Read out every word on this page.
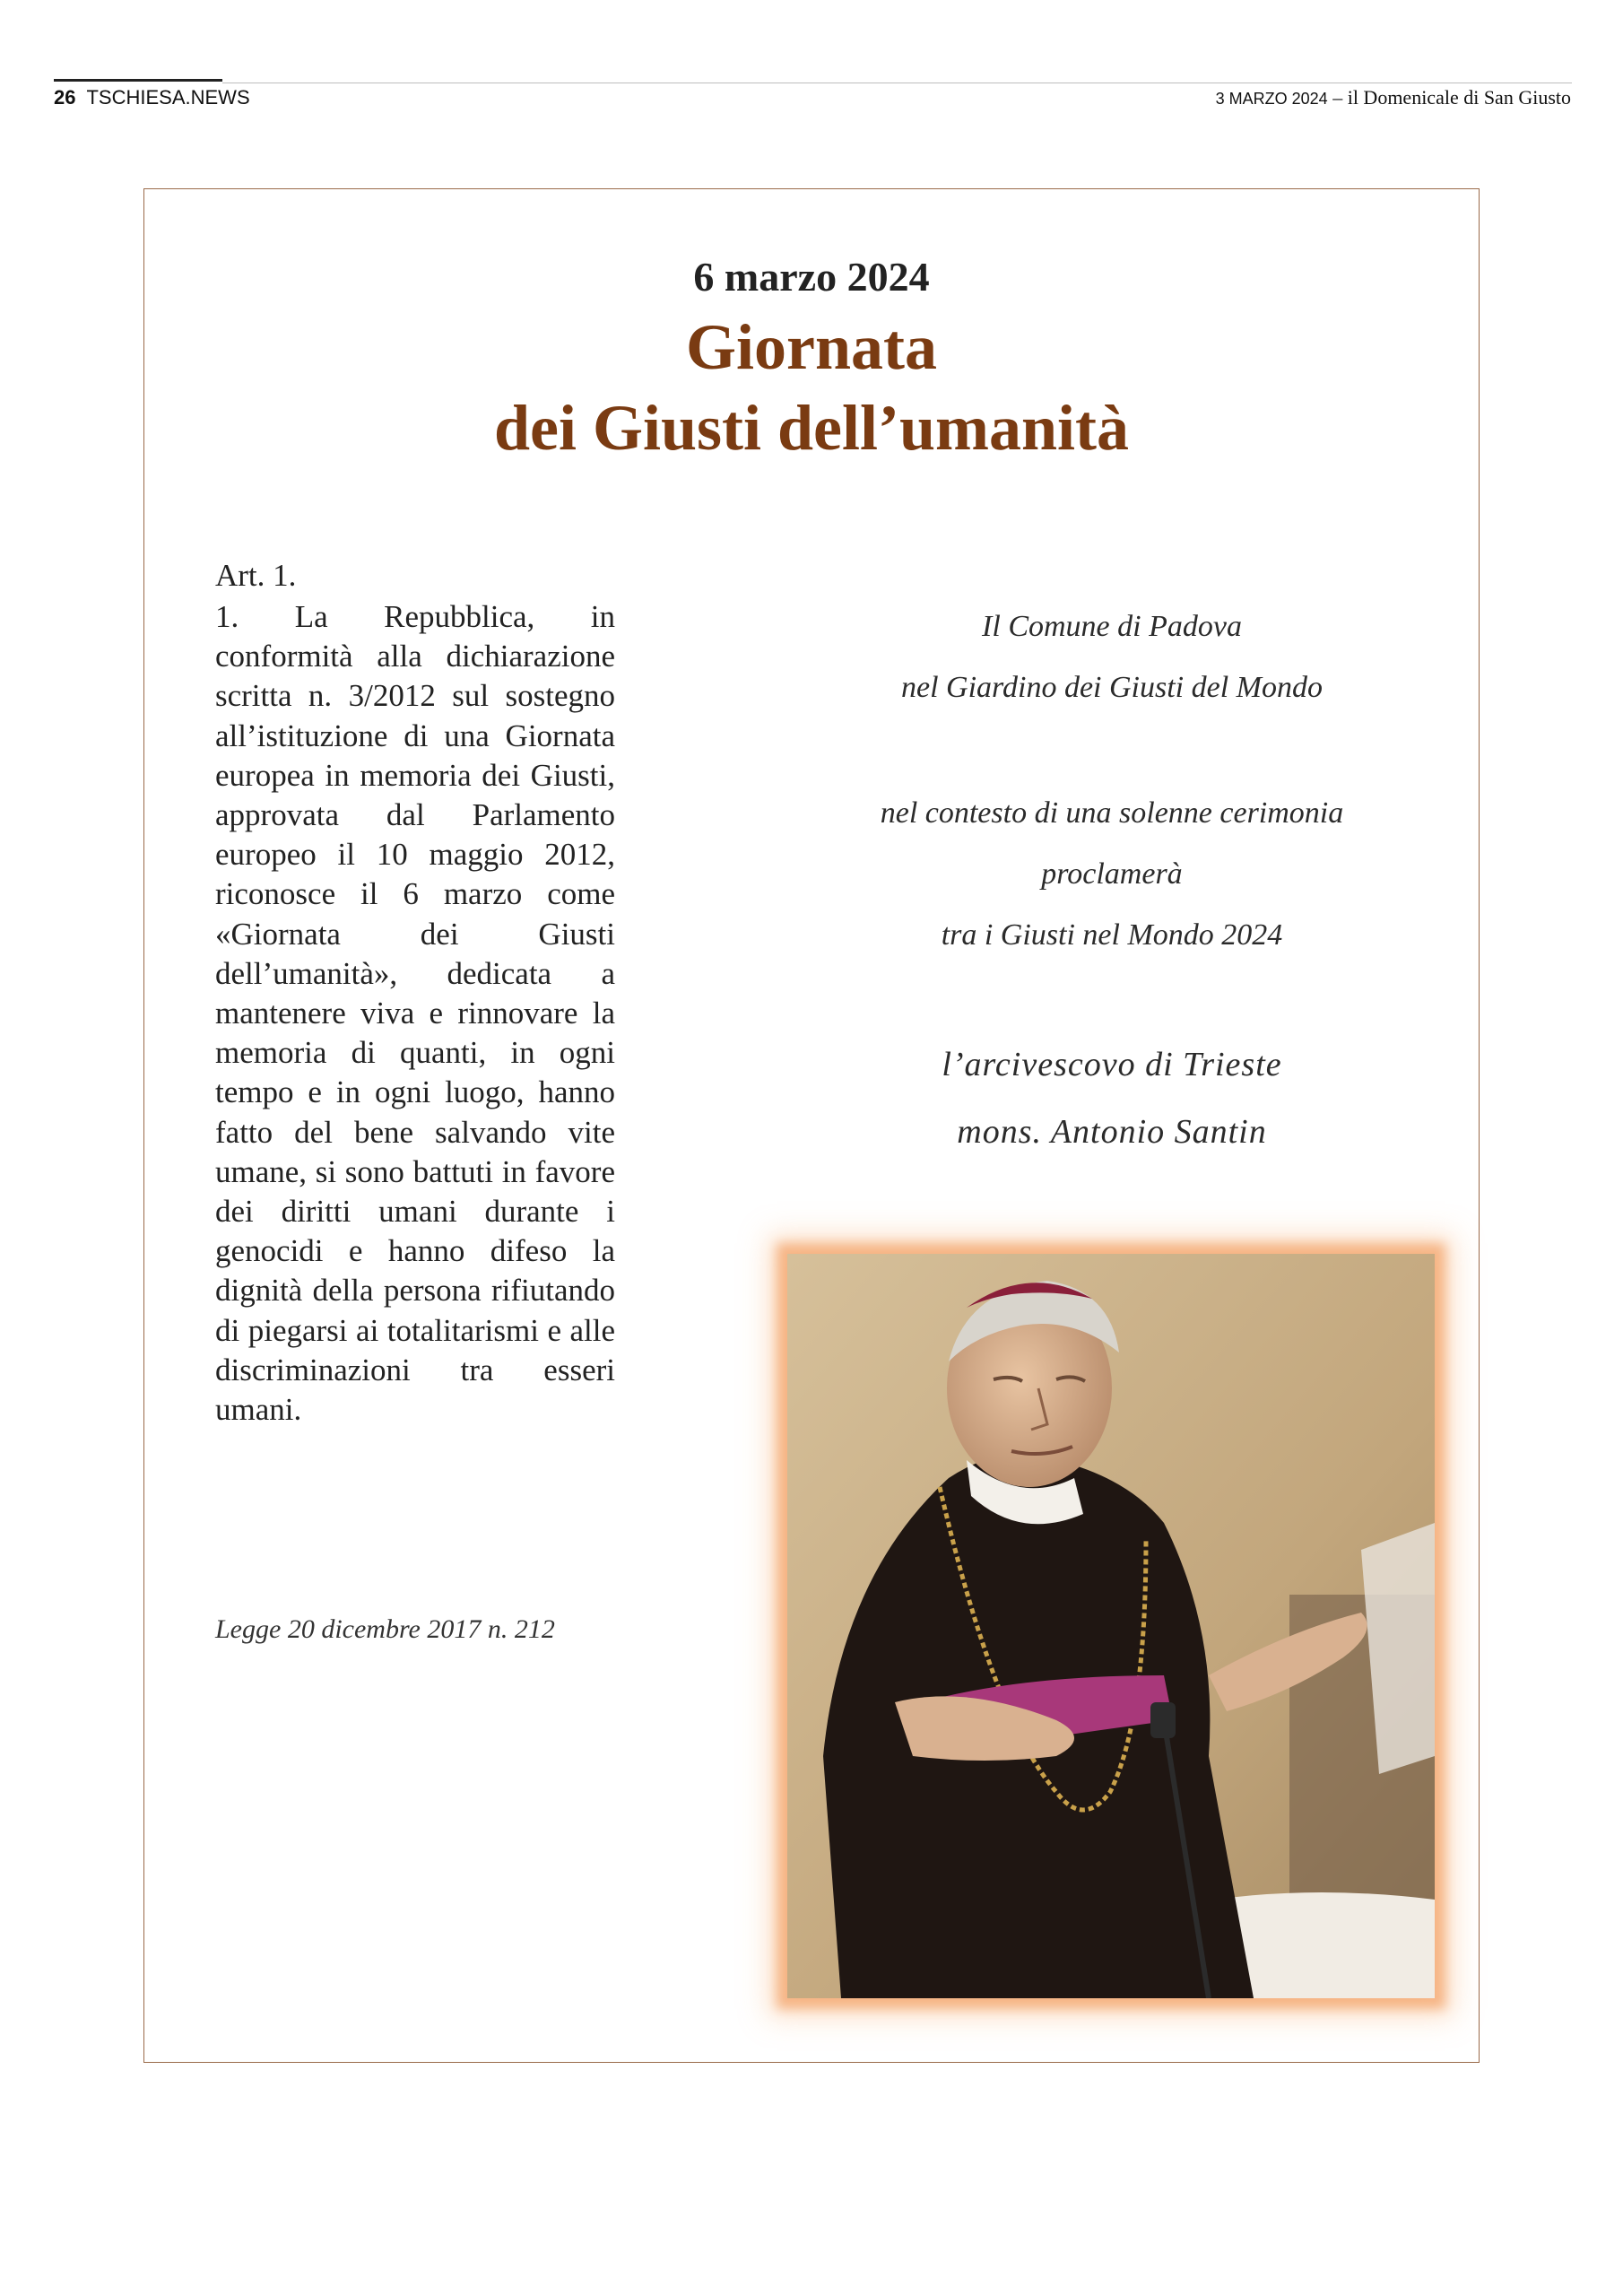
26 TSCHIESA.NEWS	3 MARZO 2024 – il Domenicale di San Giusto
6 marzo 2024
Giornata
dei Giusti dell’umanità
Art. 1.
1. La Repubblica, in conformità alla dichiarazione scritta n. 3/2012 sul sostegno all’istituzione di una Giornata europea in memoria dei Giusti, approvata dal Parlamento europeo il 10 maggio 2012, riconosce il 6 marzo come «Giornata dei Giusti dell’umanità», dedicata a mantenere viva e rinnovare la memoria di quanti, in ogni tempo e in ogni luogo, hanno fatto del bene salvando vite umane, si sono battuti in favore dei diritti umani durante i genocidi e hanno difeso la dignità della persona rifiutando di piegarsi ai totalitarismi e alle discriminazioni tra esseri umani.
Legge 20 dicembre 2017 n. 212
Il Comune di Padova
nel Giardino dei Giusti del Mondo
nel contesto di una solenne cerimonia
proclamerà
tra i Giusti nel Mondo 2024
l’arcivescovo di Trieste
mons. Antonio Santin
